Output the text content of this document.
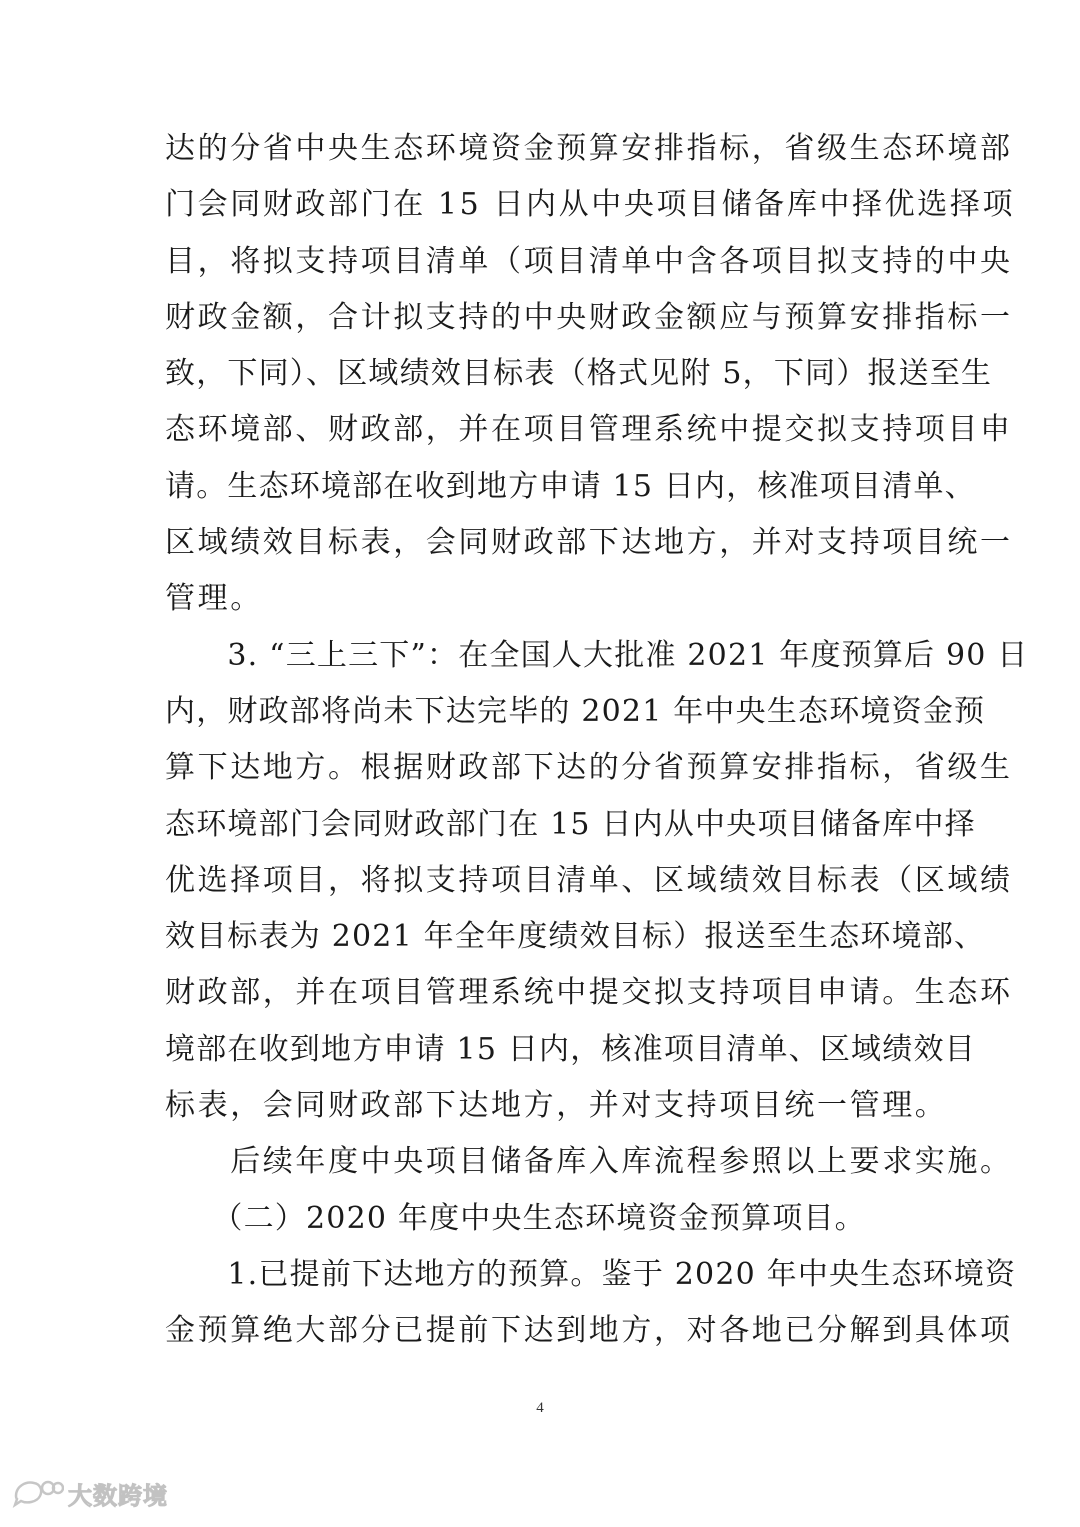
达的分省中央生态环境资金预算安排指标，省级生态环境部
门会同财政部门在 15 日内从中央项目储备库中择优选择项
目，将拟支持项目清单（项目清单中含各项目拟支持的中央
财政金额，合计拟支持的中央财政金额应与预算安排指标一
致，下同）、区域绩效目标表（格式见附 5，下同）报送至生
态环境部、财政部，并在项目管理系统中提交拟支持项目申
请。生态环境部在收到地方申请 15 日内，核准项目清单、
区域绩效目标表，会同财政部下达地方，并对支持项目统一
管理。
　　3. “三上三下”：在全国人大批准 2021 年度预算后 90 日
内，财政部将尚未下达完毕的 2021 年中央生态环境资金预
算下达地方。根据财政部下达的分省预算安排指标，省级生
态环境部门会同财政部门在 15 日内从中央项目储备库中择
优选择项目，将拟支持项目清单、区域绩效目标表（区域绩
效目标表为 2021 年全年度绩效目标）报送至生态环境部、
财政部，并在项目管理系统中提交拟支持项目申请。生态环
境部在收到地方申请 15 日内，核准项目清单、区域绩效目
标表，会同财政部下达地方，并对支持项目统一管理。
　　后续年度中央项目储备库入库流程参照以上要求实施。
　　（二）2020 年度中央生态环境资金预算项目。
　　1.已提前下达地方的预算。鉴于 2020 年中央生态环境资
金预算绝大部分已提前下达到地方，对各地已分解到具体项
4
大数跨境
